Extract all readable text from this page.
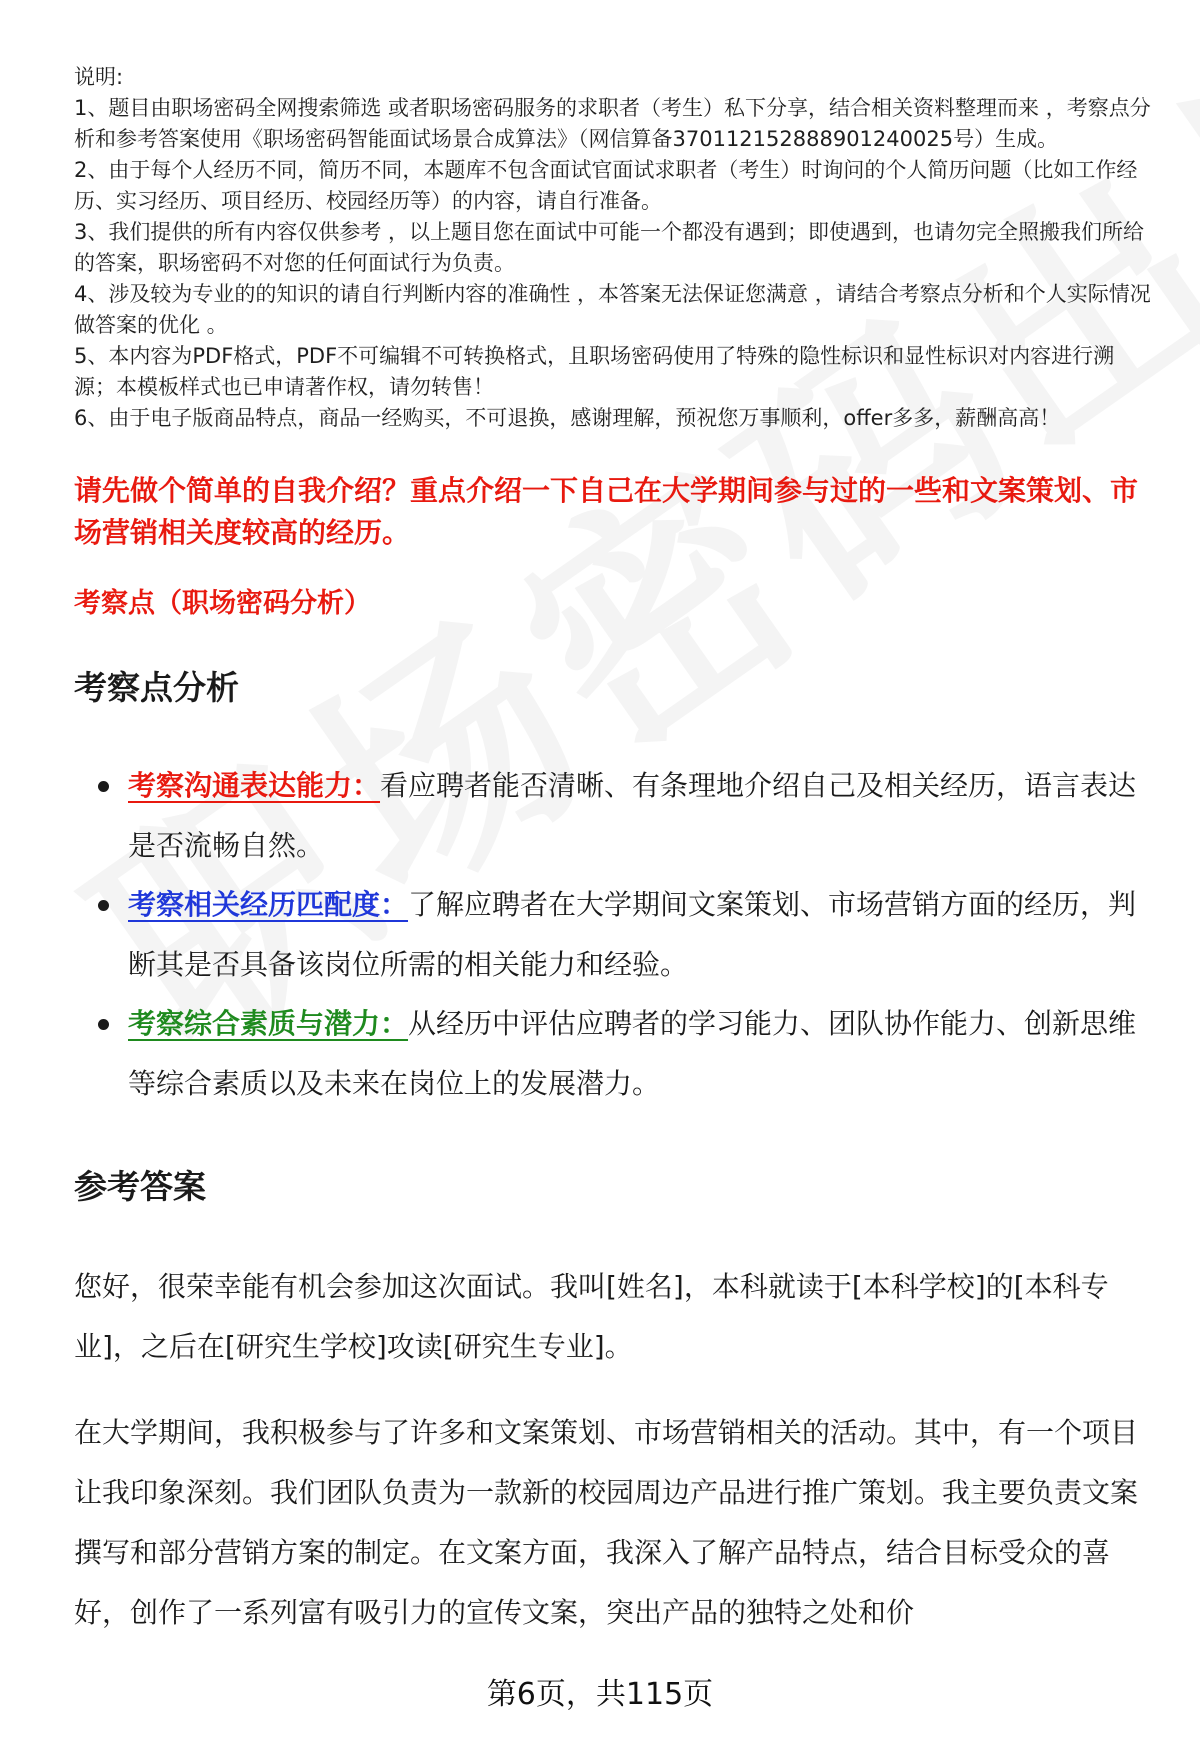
说明:

1、题目由职场密码全网搜索筛选 或者职场密码服务的求职者（考生）私下分享，结合相关资料整理而来 ，考察点分析和参考答案使用《职场密码智能面试场景合成算法》（网信算备370112152888901240025号）生成。

2、由于每个人经历不同，简历不同，本题库不包含面试官面试求职者（考生）时询问的个人简历问题（比如工作经历、实习经历、项目经历、校园经历等）的内容，请自行准备。

3、我们提供的所有内容仅供参考 ，以上题目您在面试中可能一个都没有遇到；即使遇到，也请勿完全照搬我们所给的答案，职场密码不对您的任何面试行为负责。

4、涉及较为专业的的知识的请自行判断内容的准确性 ，本答案无法保证您满意 ，请结合考察点分析和个人实际情况做答案的优化 。

5、本内容为PDF格式，PDF不可编辑不可转换格式，且职场密码使用了特殊的隐性标识和显性标识对内容进行溯源；本模板样式也已申请著作权，请勿转售！

6、由于电子版商品特点，商品一经购买，不可退换，感谢理解，预祝您万事顺利，offer多多，薪酬高高！

请先做个简单的自我介绍？重点介绍一下自己在大学期间参与过的一些和文案策划、市场营销相关度较高的经历。
考察点（职场密码分析）
考察点分析
考察沟通表达能力：看应聘者能否清晰、有条理地介绍自己及相关经历，语言表达是否流畅自然。
考察相关经历匹配度：了解应聘者在大学期间文案策划、市场营销方面的经历，判断其是否具备该岗位所需的相关能力和经验。
考察综合素质与潜力：从经历中评估应聘者的学习能力、团队协作能力、创新思维等综合素质以及未来在岗位上的发展潜力。
参考答案

您好，很荣幸能有机会参加这次面试。我叫[姓名]，本科就读于[本科学校]的[本科专业]，之后在[研究生学校]攻读[研究生专业]。

在大学期间，我积极参与了许多和文案策划、市场营销相关的活动。其中，有一个项目让我印象深刻。我们团队负责为一款新的校园周边产品进行推广策划。我主要负责文案撰写和部分营销方案的制定。在文案方面，我深入了解产品特点，结合目标受众的喜好，创作了一系列富有吸引力的宣传文案，突出产品的独特之处和价

第6页，共115页
